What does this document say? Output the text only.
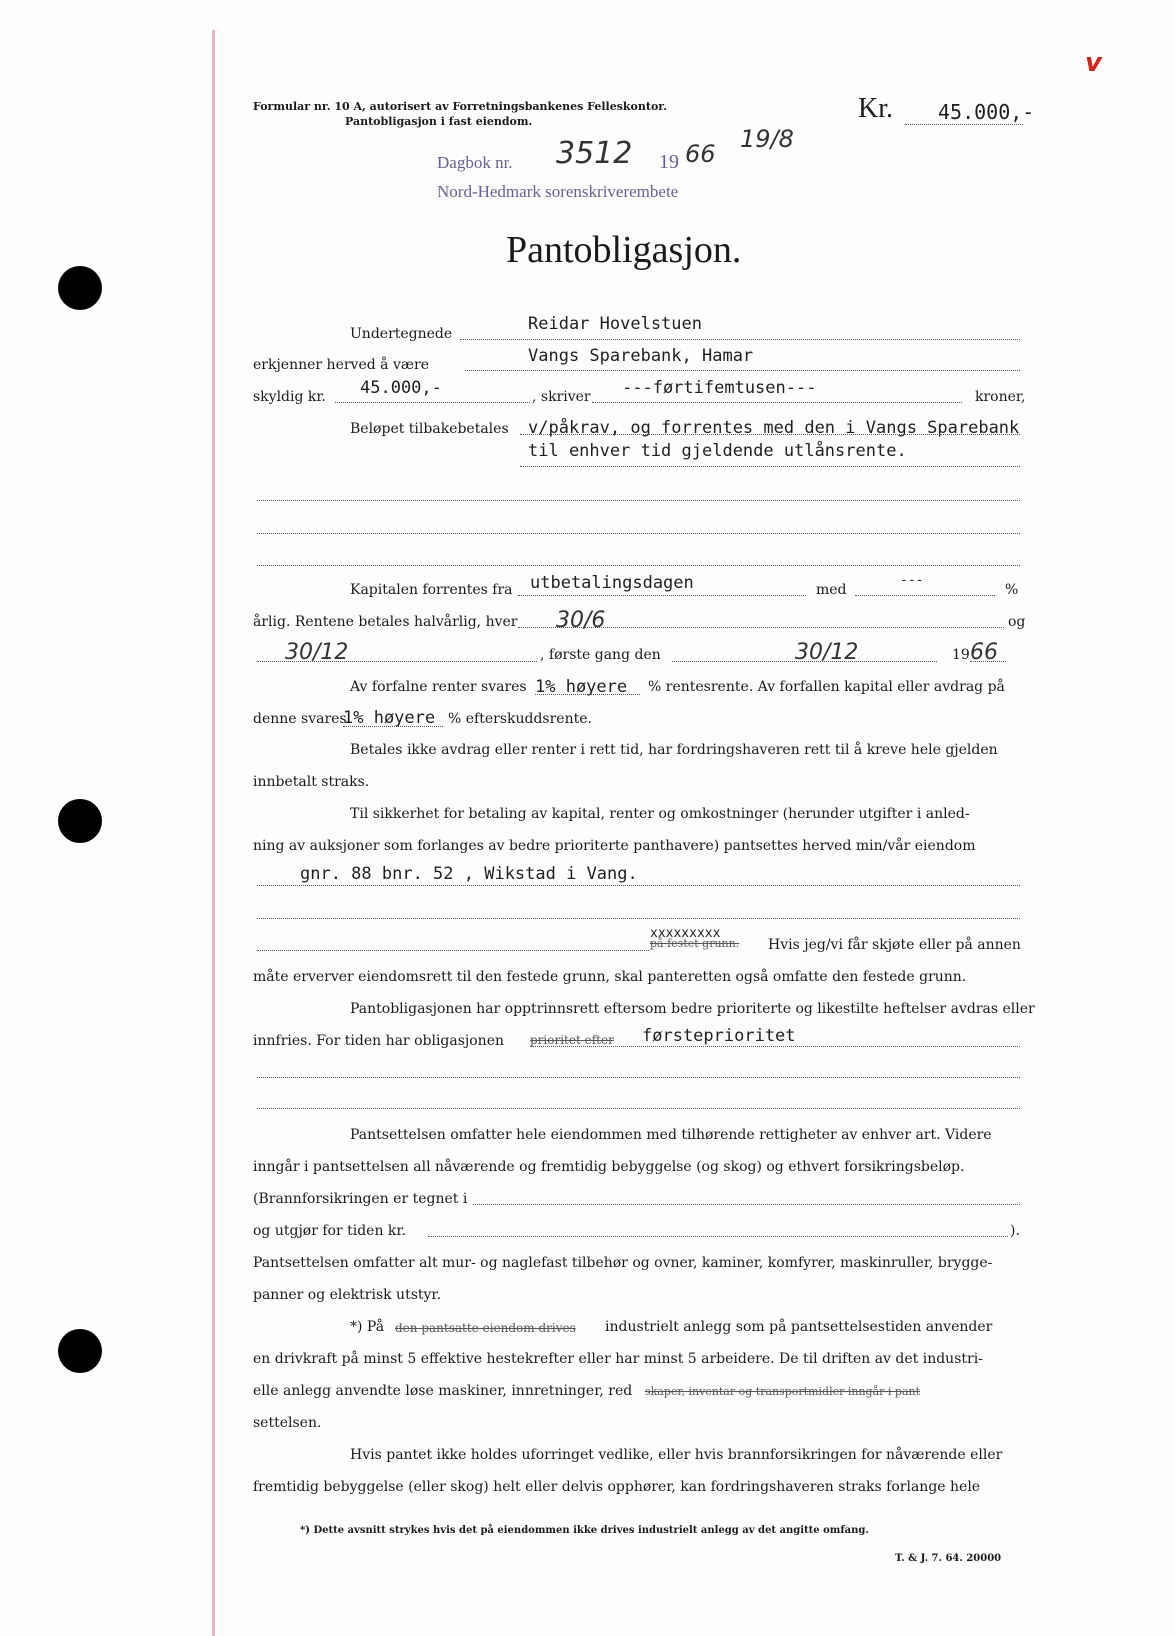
Formular nr. 10 A, autorisert av Forretningsbankenes Felleskontor.
Pantobligasjon i fast eiendom.	Kr. 45.000,-
v
Dagbok nr. 3512 19 66
19/8
Nord-Hedmark sorenskriverembete
Pantobligasjon.
Undertegnede	Reidar Hovelstuen
erkjenner herved å være	Vangs Sparebank, Hamar
skyldig kr. 45.000,-	, skriver ---førtifemtusen---	kroner,
Beløpet tilbakebetales v/påkrav, og forrentes med den i Vangs Sparebank
til enhver tid gjeldende utlånsrente.
Kapitalen forrentes fra utbetalingsdagen	med
---
%
årlig. Rentene betales halvårlig, hver 30/6	og
30/12	, første gang den	30/12	19 66
Av forfalne renter svares 1% høyere % rentesrente. Av forfallen kapital eller avdrag på
denne svares
1% høyere % efterskuddsrente.
Betales ikke avdrag eller renter i rett tid, har fordringshaveren rett til å kreve hele gjelden
innbetalt straks.
Til sikkerhet for betaling av kapital, renter og omkostninger (herunder utgifter i anled-
ning av auksjoner som forlanges av bedre prioriterte panthavere) pantsettes herved min/vår eiendom
gnr. 88 bnr. 52 , Wikstad i Vang.
på festet grunn.
xxxxxxxxx
Hvis jeg/vi får skjøte eller på annen
måte erverver eiendomsrett til den festede grunn, skal panteretten også omfatte den festede grunn.
Pantobligasjonen har opptrinnsrett eftersom bedre prioriterte og likestilte heftelser avdras eller
innfries. For tiden har obligasjonen prioritet efter førsteprioritet
Pantsettelsen omfatter hele eiendommen med tilhørende rettigheter av enhver art. Videre
inngår i pantsettelsen all nåværende og fremtidig bebyggelse (og skog) og ethvert forsikringsbeløp.
(Brannforsikringen er tegnet i
og utgjør for tiden kr.	).
Pantsettelsen omfatter alt mur- og naglefast tilbehør og ovner, kaminer, komfyrer, maskinruller, brygge-
panner og elektrisk utstyr.
*) På den pantsatte eiendom drives industrielt anlegg som på pantsettelsestiden anvender
en drivkraft på minst 5 effektive hestekrefter eller har minst 5 arbeidere. De til driften av det industri-
elle anlegg anvendte løse maskiner, innretninger, red skaper, inventar og transportmidler inngår i pant
settelsen.
Hvis pantet ikke holdes uforringet vedlike, eller hvis brannforsikringen for nåværende eller
fremtidig bebyggelse (eller skog) helt eller delvis opphører, kan fordringshaveren straks forlange hele
*) Dette avsnitt strykes hvis det på eiendommen ikke drives industrielt anlegg av det angitte omfang.
T. & J. 7. 64. 20000
